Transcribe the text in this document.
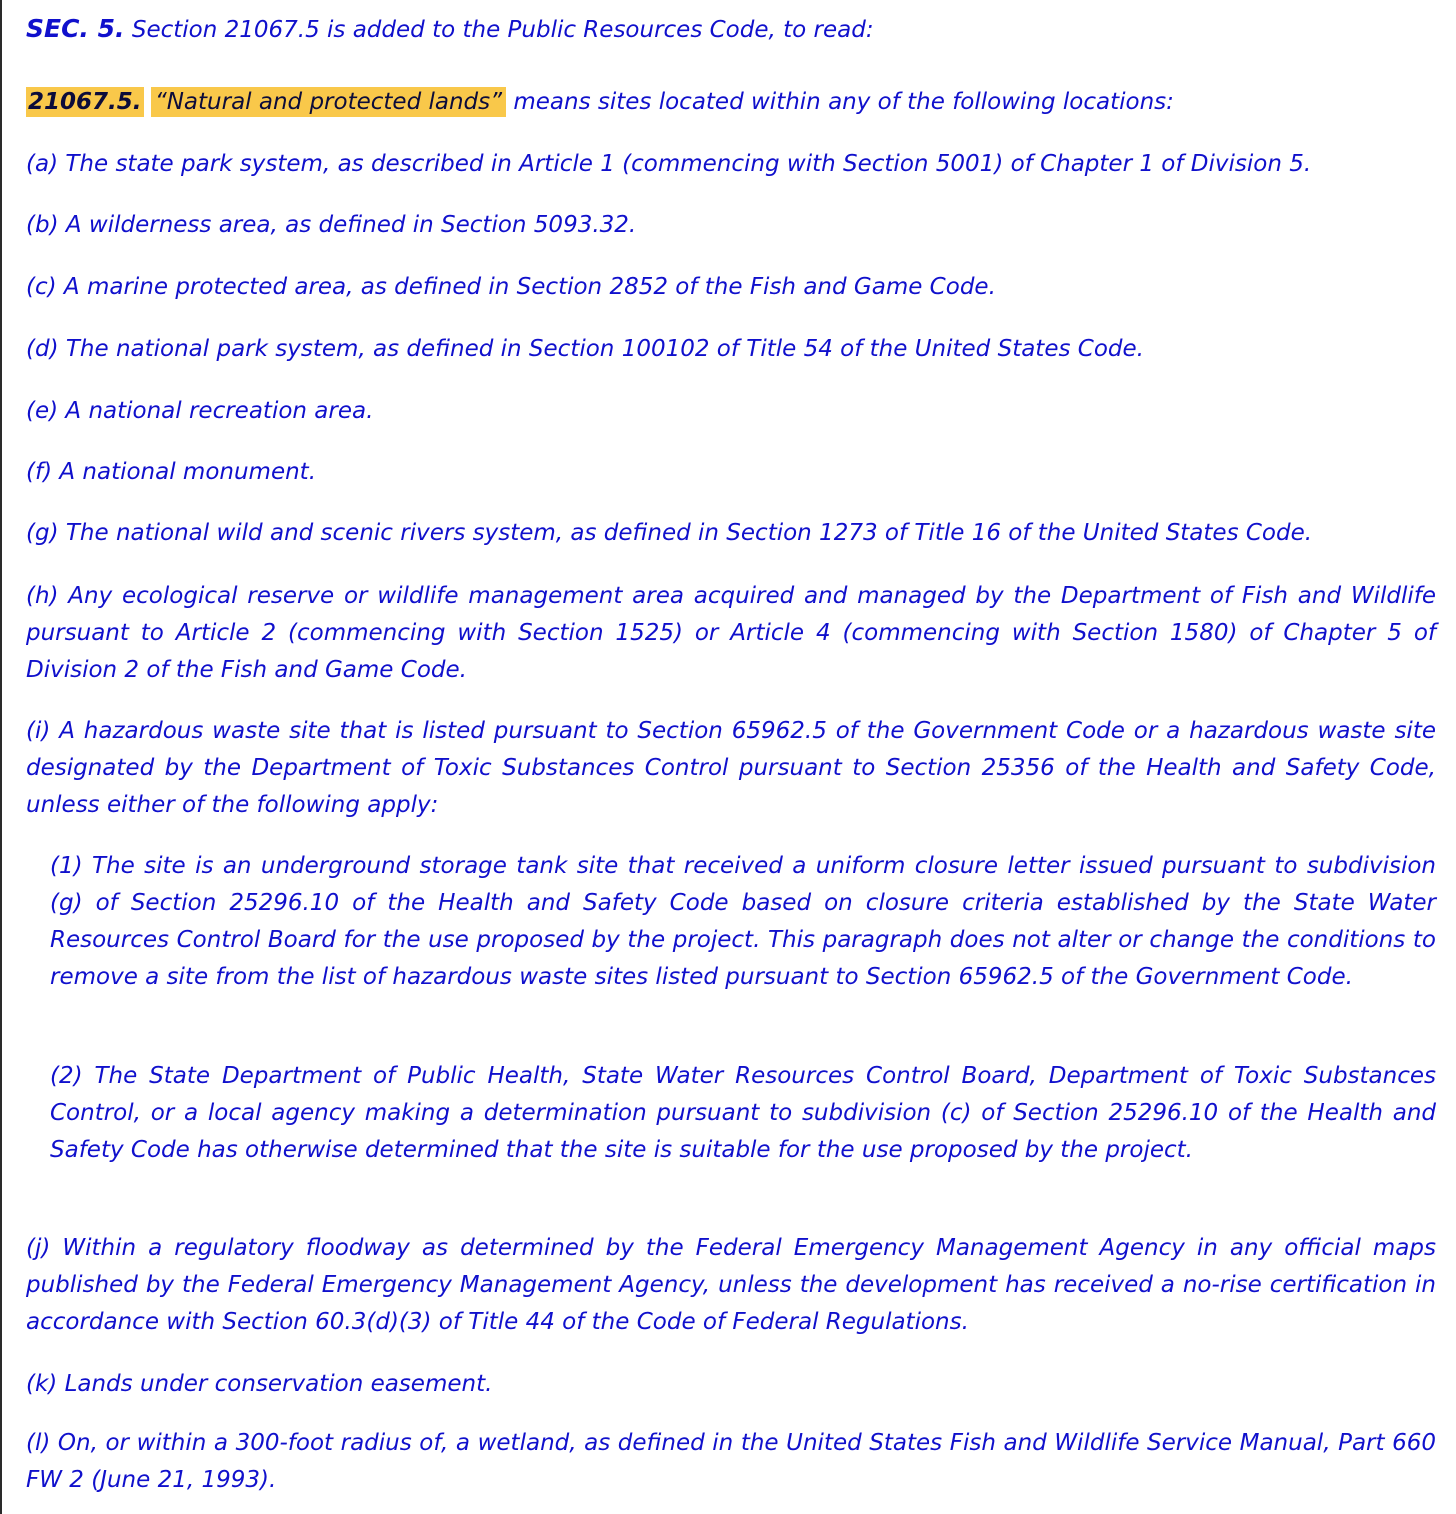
SEC. 5. Section 21067.5 is added to the Public Resources Code, to read:

21067.5. “Natural and protected lands” means sites located within any of the following locations:

(a) The state park system, as described in Article 1 (commencing with Section 5001) of Chapter 1 of Division 5.

(b) A wilderness area, as defined in Section 5093.32.

(c) A marine protected area, as defined in Section 2852 of the Fish and Game Code.

(d) The national park system, as defined in Section 100102 of Title 54 of the United States Code.

(e) A national recreation area.

(f) A national monument.

(g) The national wild and scenic rivers system, as defined in Section 1273 of Title 16 of the United States Code.

(h) Any ecological reserve or wildlife management area acquired and managed by the Department of Fish and Wildlife pursuant to Article 2 (commencing with Section 1525) or Article 4 (commencing with Section 1580) of Chapter 5 of Division 2 of the Fish and Game Code.

(i) A hazardous waste site that is listed pursuant to Section 65962.5 of the Government Code or a hazardous waste site designated by the Department of Toxic Substances Control pursuant to Section 25356 of the Health and Safety Code, unless either of the following apply:

(1) The site is an underground storage tank site that received a uniform closure letter issued pursuant to subdivision (g) of Section 25296.10 of the Health and Safety Code based on closure criteria established by the State Water Resources Control Board for the use proposed by the project. This paragraph does not alter or change the conditions to remove a site from the list of hazardous waste sites listed pursuant to Section 65962.5 of the Government Code.

(2) The State Department of Public Health, State Water Resources Control Board, Department of Toxic Substances Control, or a local agency making a determination pursuant to subdivision (c) of Section 25296.10 of the Health and Safety Code has otherwise determined that the site is suitable for the use proposed by the project.

(j) Within a regulatory floodway as determined by the Federal Emergency Management Agency in any official maps published by the Federal Emergency Management Agency, unless the development has received a no-rise certification in accordance with Section 60.3(d)(3) of Title 44 of the Code of Federal Regulations.

(k) Lands under conservation easement.

(l) On, or within a 300-foot radius of, a wetland, as defined in the United States Fish and Wildlife Service Manual, Part 660 FW 2 (June 21, 1993).
